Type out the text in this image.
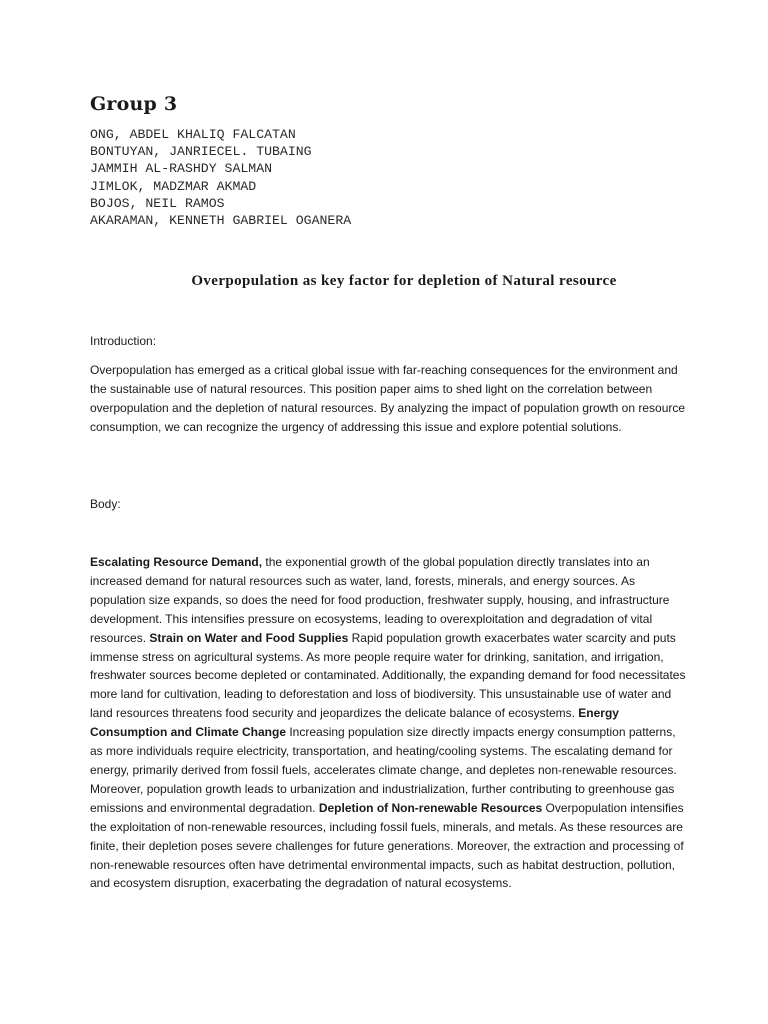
Group 3
ONG, ABDEL KHALIQ FALCATAN
BONTUYAN, JANRIECEL. TUBAING
JAMMIH AL-RASHDY SALMAN
JIMLOK, MADZMAR AKMAD
BOJOS, NEIL RAMOS
AKARAMAN, KENNETH GABRIEL OGANERA
Overpopulation as key factor for depletion of Natural resource

Introduction:

Overpopulation has emerged as a critical global issue with far-reaching consequences for the environment and the sustainable use of natural resources. This position paper aims to shed light on the correlation between overpopulation and the depletion of natural resources. By analyzing the impact of population growth on resource consumption, we can recognize the urgency of addressing this issue and explore potential solutions.

Body:

Escalating Resource Demand, the exponential growth of the global population directly translates into an increased demand for natural resources such as water, land, forests, minerals, and energy sources. As population size expands, so does the need for food production, freshwater supply, housing, and infrastructure development. This intensifies pressure on ecosystems, leading to overexploitation and degradation of vital resources. Strain on Water and Food Supplies Rapid population growth exacerbates water scarcity and puts immense stress on agricultural systems. As more people require water for drinking, sanitation, and irrigation, freshwater sources become depleted or contaminated. Additionally, the expanding demand for food necessitates more land for cultivation, leading to deforestation and loss of biodiversity. This unsustainable use of water and land resources threatens food security and jeopardizes the delicate balance of ecosystems. Energy Consumption and Climate Change Increasing population size directly impacts energy consumption patterns, as more individuals require electricity, transportation, and heating/cooling systems. The escalating demand for energy, primarily derived from fossil fuels, accelerates climate change, and depletes non-renewable resources. Moreover, population growth leads to urbanization and industrialization, further contributing to greenhouse gas emissions and environmental degradation. Depletion of Non-renewable Resources Overpopulation intensifies the exploitation of non-renewable resources, including fossil fuels, minerals, and metals. As these resources are finite, their depletion poses severe challenges for future generations. Moreover, the extraction and processing of non-renewable resources often have detrimental environmental impacts, such as habitat destruction, pollution, and ecosystem disruption, exacerbating the degradation of natural ecosystems.
